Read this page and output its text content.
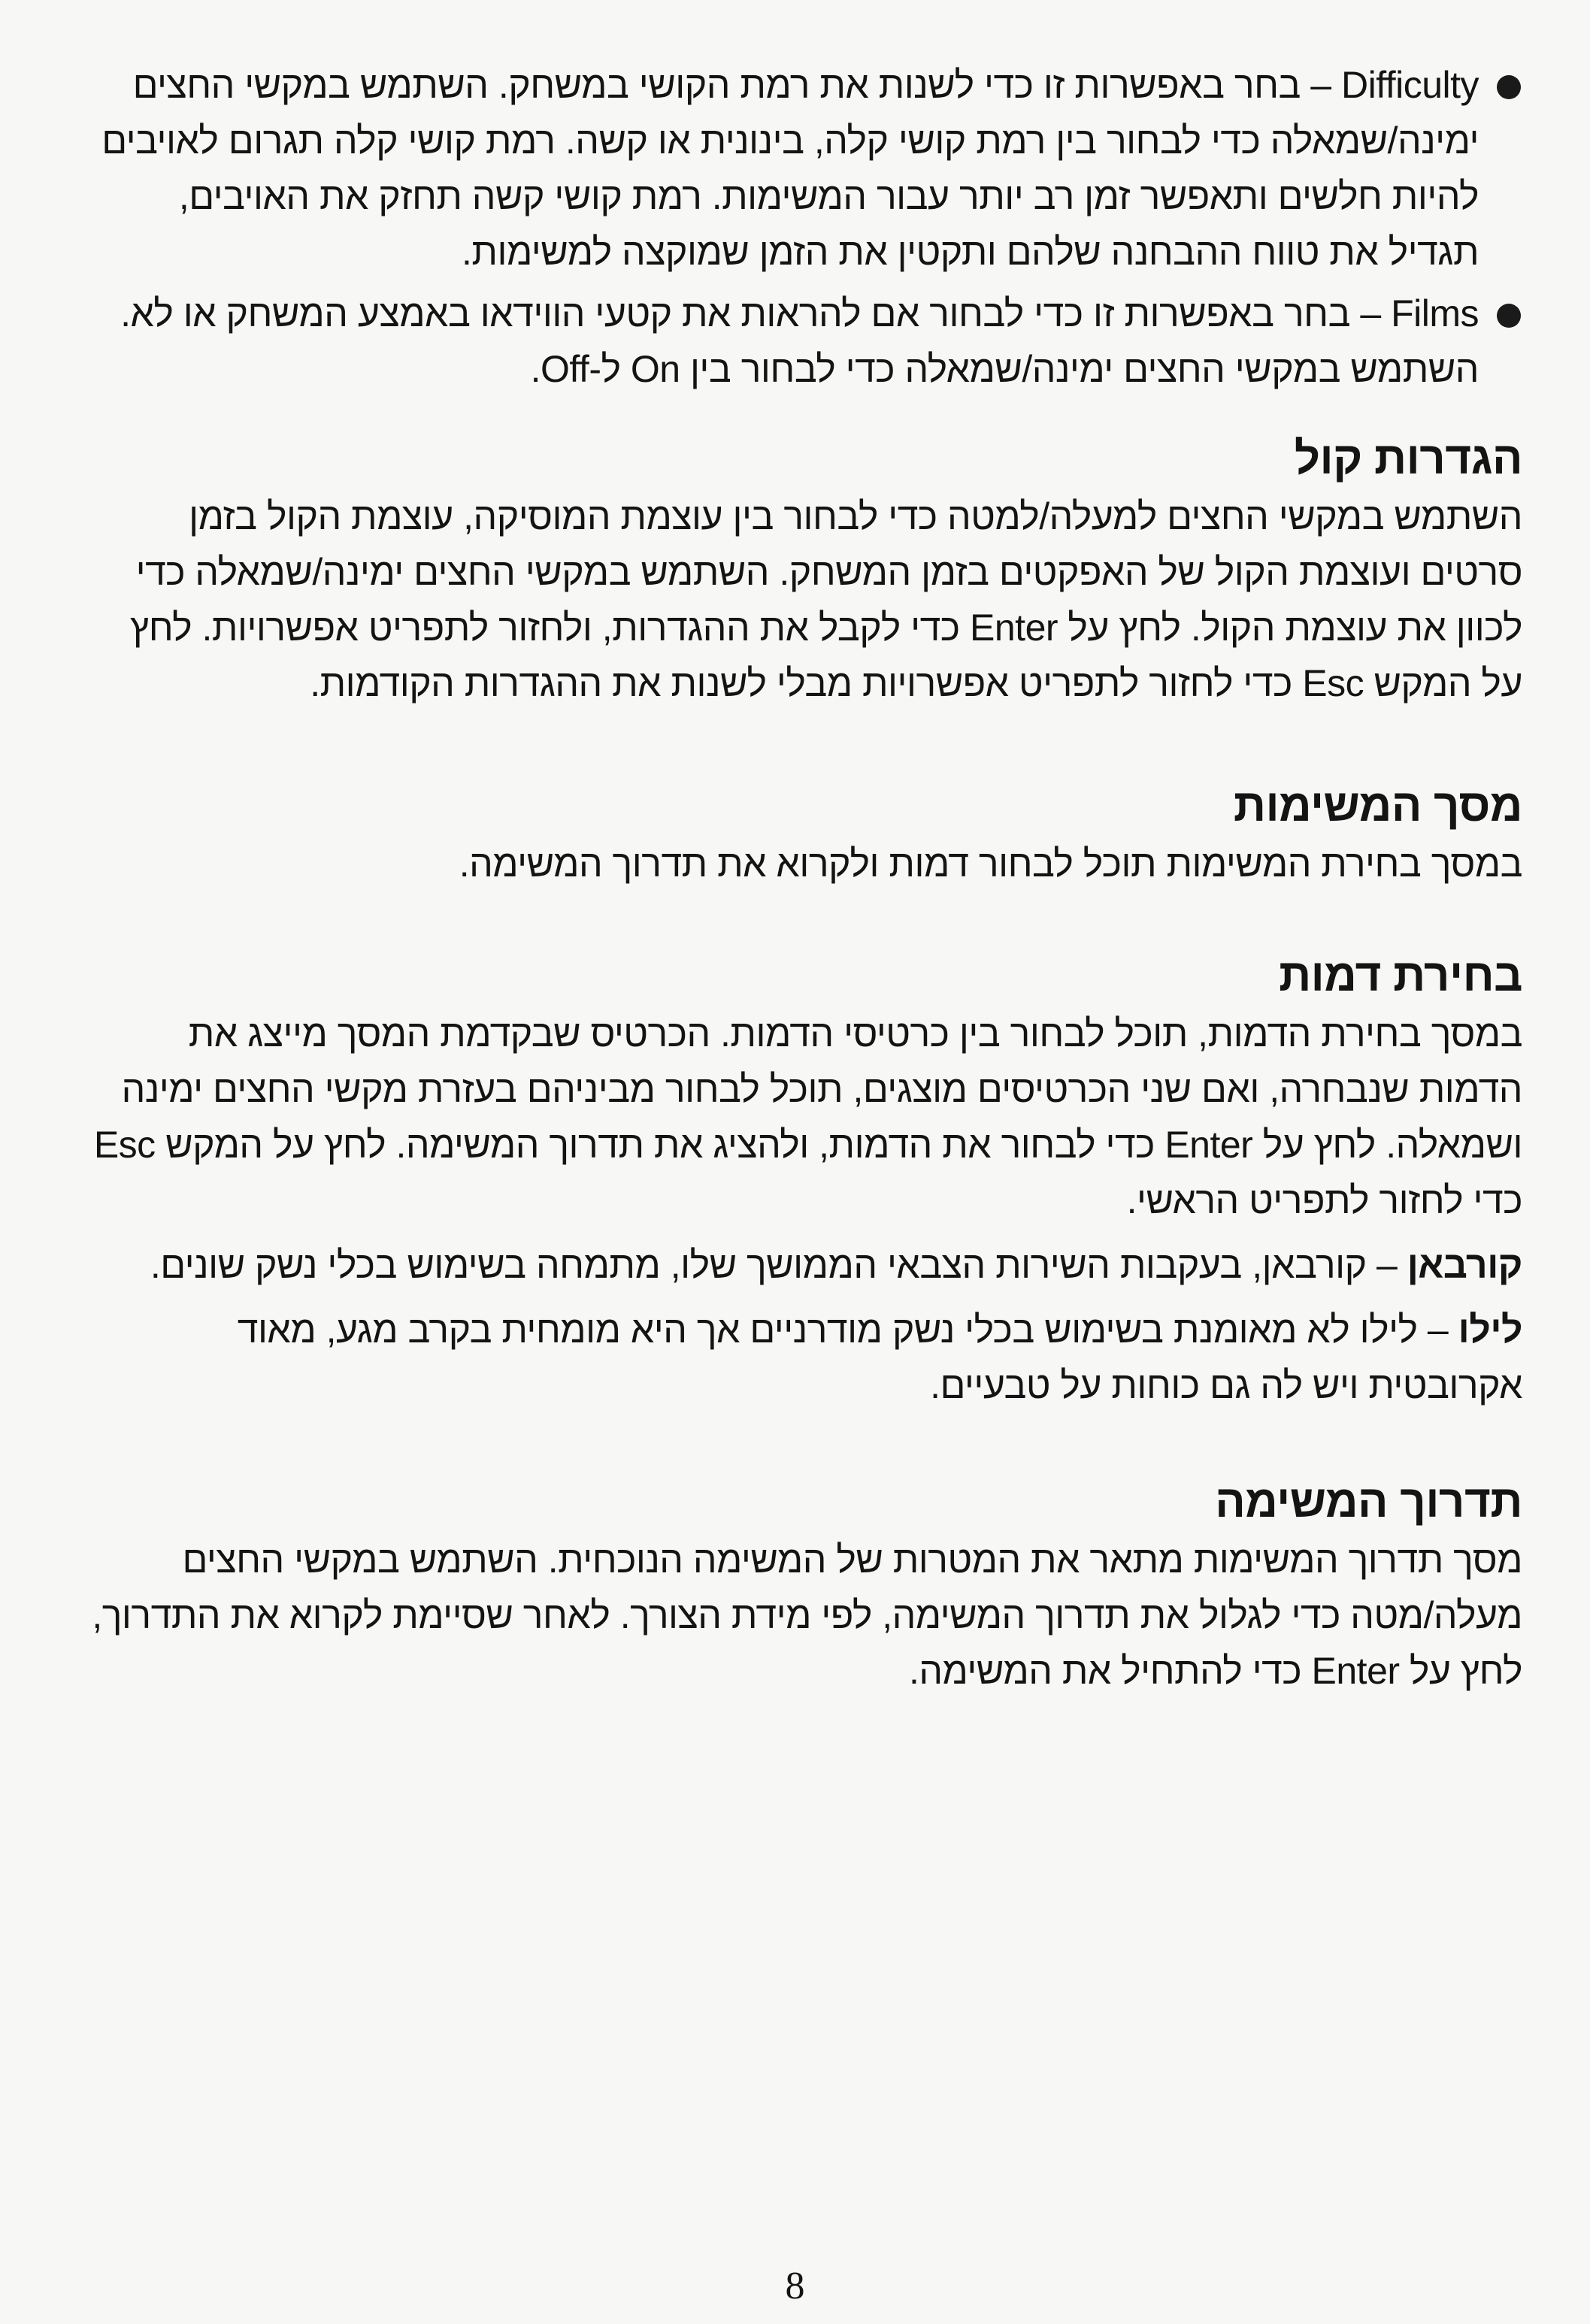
Difficulty – בחר באפשרות זו כדי לשנות את רמת הקושי במשחק. השתמש במקשי החצים ימינה/שמאלה כדי לבחור בין רמת קושי קלה, בינונית או קשה. רמת קושי קלה תגרום לאויבים להיות חלשים ותאפשר זמן רב יותר עבור המשימות. רמת קושי קשה תחזק את האויבים, תגדיל את טווח ההבחנה שלהם ותקטין את הזמן שמוקצה למשימות.

Films – בחר באפשרות זו כדי לבחור אם להראות את קטעי הווידאו באמצע המשחק או לא. השתמש במקשי החצים ימינה/שמאלה כדי לבחור בין On ל-Off.

הגדרות קול

השתמש במקשי החצים למעלה/למטה כדי לבחור בין עוצמת המוסיקה, עוצמת הקול בזמן סרטים ועוצמת הקול של האפקטים בזמן המשחק. השתמש במקשי החצים ימינה/שמאלה כדי לכוון את עוצמת הקול. לחץ על Enter כדי לקבל את ההגדרות, ולחזור לתפריט אפשרויות. לחץ על המקש Esc כדי לחזור לתפריט אפשרויות מבלי לשנות את ההגדרות הקודמות.

מסך המשימות

במסך בחירת המשימות תוכל לבחור דמות ולקרוא את תדרוך המשימה.

בחירת דמות

במסך בחירת הדמות, תוכל לבחור בין כרטיסי הדמות. הכרטיס שבקדמת המסך מייצג את הדמות שנבחרה, ואם שני הכרטיסים מוצגים, תוכל לבחור מביניהם בעזרת מקשי החצים ימינה ושמאלה. לחץ על Enter כדי לבחור את הדמות, ולהציג את תדרוך המשימה. לחץ על המקש Esc כדי לחזור לתפריט הראשי.

קורבאן – קורבאן, בעקבות השירות הצבאי הממושך שלו, מתמחה בשימוש בכלי נשק שונים.

לילו – לילו לא מאומנת בשימוש בכלי נשק מודרניים אך היא מומחית בקרב מגע, מאוד אקרובטית ויש לה גם כוחות על טבעיים.

תדרוך המשימה

מסך תדרוך המשימות מתאר את המטרות של המשימה הנוכחית. השתמש במקשי החצים מעלה/מטה כדי לגלול את תדרוך המשימה, לפי מידת הצורך. לאחר שסיימת לקרוא את התדרוך, לחץ על Enter כדי להתחיל את המשימה.

8
